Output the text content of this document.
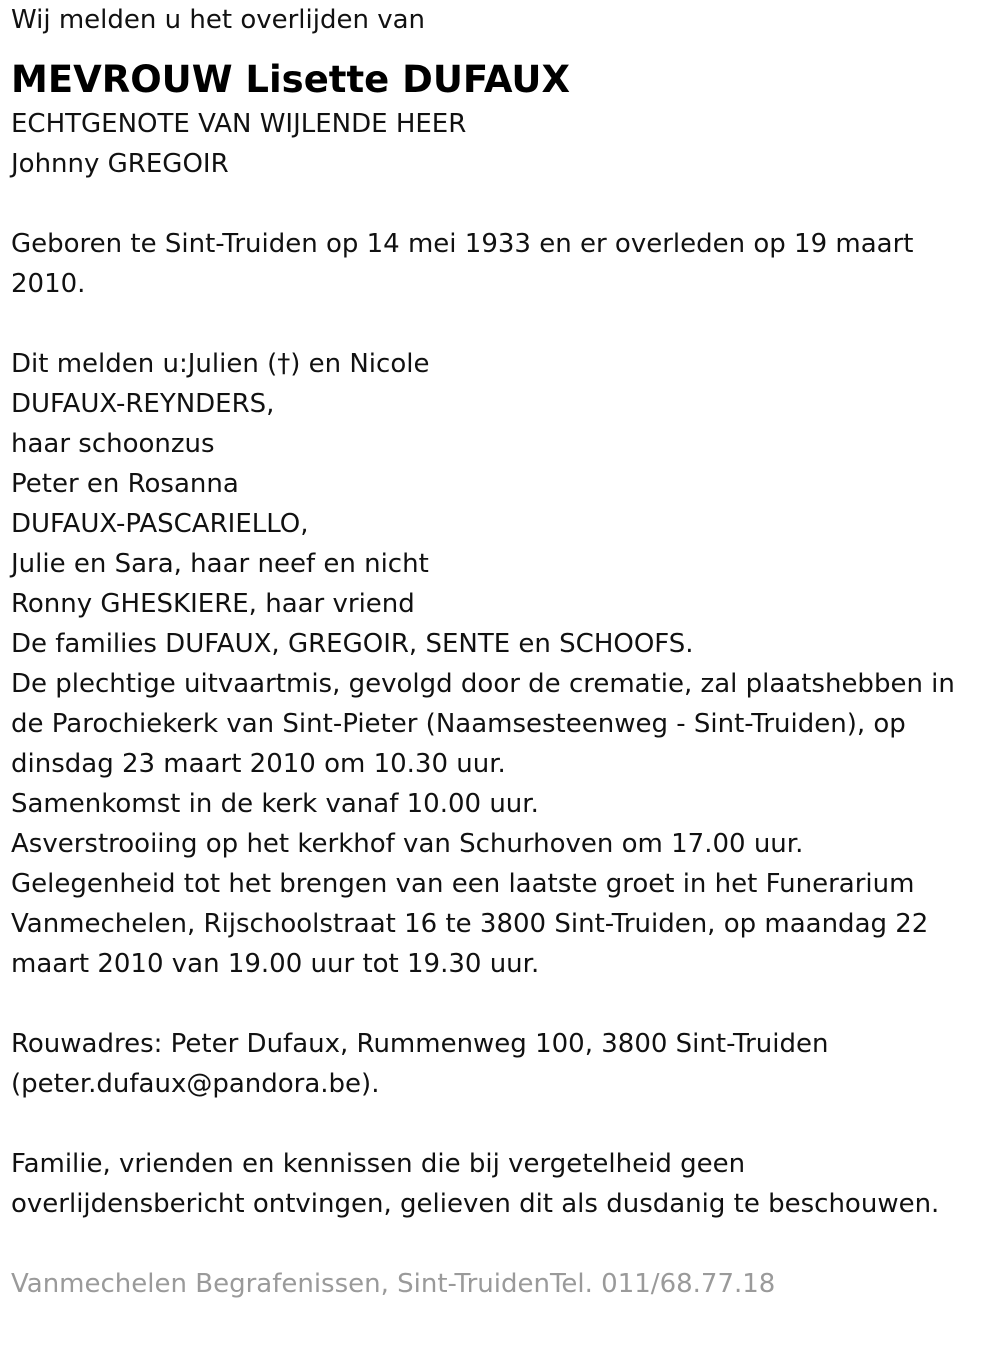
Wij melden u het overlijden van
MEVROUW Lisette DUFAUX
ECHTGENOTE VAN WIJLENDE HEER
Johnny GREGOIR
Geboren te Sint-Truiden op 14 mei 1933 en er overleden op 19 maart
2010.
Dit melden u:Julien (†) en Nicole
DUFAUX-REYNDERS,
haar schoonzus
Peter en Rosanna
DUFAUX-PASCARIELLO,
Julie en Sara, haar neef en nicht
Ronny GHESKIERE, haar vriend
De families DUFAUX, GREGOIR, SENTE en SCHOOFS.
De plechtige uitvaartmis, gevolgd door de crematie, zal plaatshebben in
de Parochiekerk van Sint-Pieter (Naamsesteenweg - Sint-Truiden), op
dinsdag 23 maart 2010 om 10.30 uur.
Samenkomst in de kerk vanaf 10.00 uur.
Asverstrooiing op het kerkhof van Schurhoven om 17.00 uur.
Gelegenheid tot het brengen van een laatste groet in het Funerarium
Vanmechelen, Rijschoolstraat 16 te 3800 Sint-Truiden, op maandag 22
maart 2010 van 19.00 uur tot 19.30 uur.
Rouwadres: Peter Dufaux, Rummenweg 100, 3800 Sint-Truiden
(peter.dufaux@pandora.be).
Familie, vrienden en kennissen die bij vergetelheid geen
overlijdensbericht ontvingen, gelieven dit als dusdanig te beschouwen.
Vanmechelen Begrafenissen, Sint-TruidenTel. 011/68.77.18
